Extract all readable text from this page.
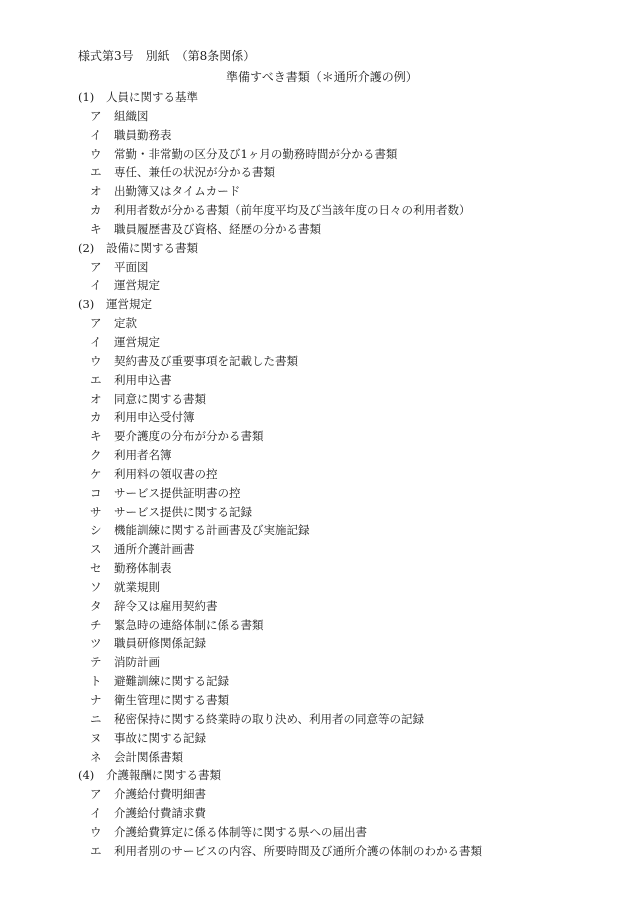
様式第3号　別紙　（第8条関係）
準備すべき書類（＊通所介護の例）
(1)	人員に関する基準
ア	組織図
イ	職員勤務表
ウ	常勤・非常勤の区分及び1ヶ月の勤務時間が分かる書類
エ	専任、兼任の状況が分かる書類
オ	出勤簿又はタイムカード
カ	利用者数が分かる書類（前年度平均及び当該年度の日々の利用者数）
キ	職員履歴書及び資格、経歴の分かる書類
(2)	設備に関する書類
ア	平面図
イ	運営規定
(3)	運営規定
ア	定款
イ	運営規定
ウ	契約書及び重要事項を記載した書類
エ	利用申込書
オ	同意に関する書類
カ	利用申込受付簿
キ	要介護度の分布が分かる書類
ク	利用者名簿
ケ	利用料の領収書の控
コ	サービス提供証明書の控
サ	サービス提供に関する記録
シ	機能訓練に関する計画書及び実施記録
ス	通所介護計画書
セ	勤務体制表
ソ	就業規則
タ	辞令又は雇用契約書
チ	緊急時の連絡体制に係る書類
ツ	職員研修関係記録
テ	消防計画
ト	避難訓練に関する記録
ナ	衛生管理に関する書類
ニ	秘密保持に関する終業時の取り決め、利用者の同意等の記録
ヌ	事故に関する記録
ネ	会計関係書類
(4)	介護報酬に関する書類
ア	介護給付費明細書
イ	介護給付費請求費
ウ	介護給費算定に係る体制等に関する県への届出書
エ	利用者別のサービスの内容、所要時間及び通所介護の体制のわかる書類
